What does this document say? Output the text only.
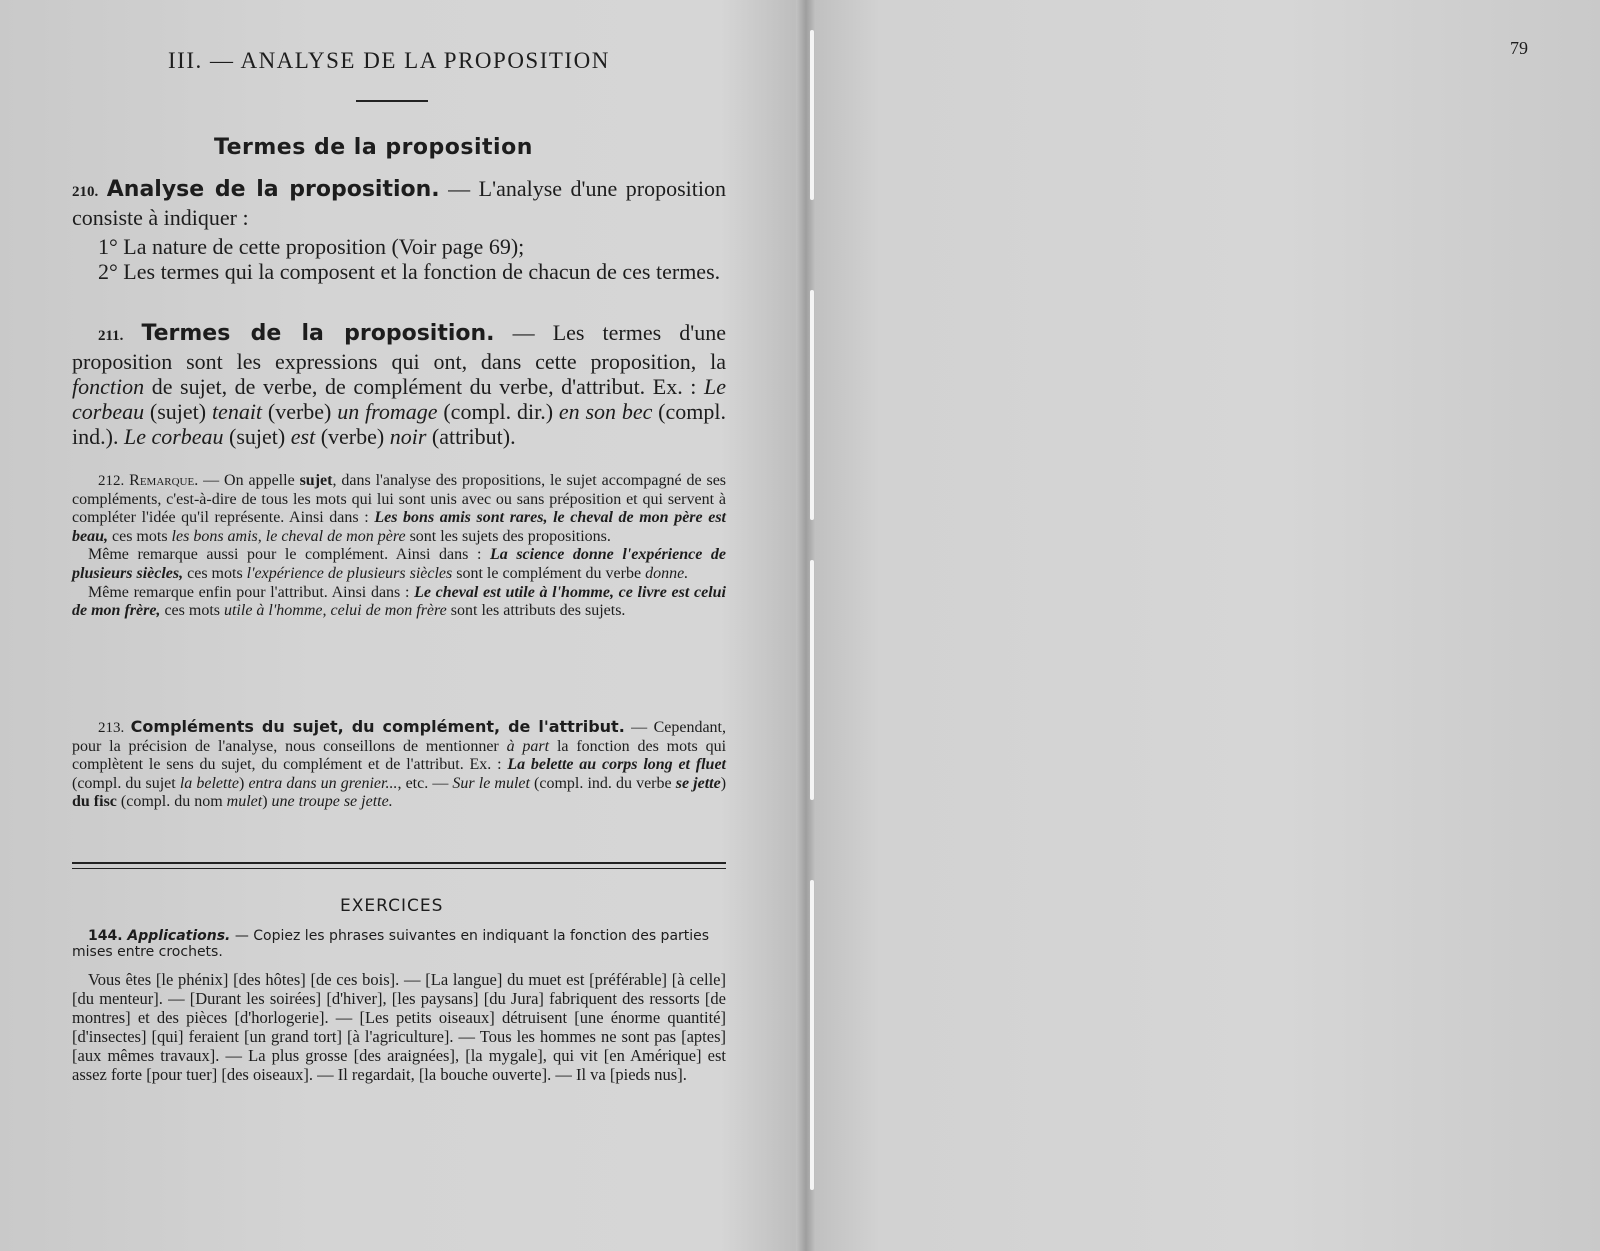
III. — ANALYSE DE LA PROPOSITION
Termes de la proposition
210. Analyse de la proposition. — L'analyse d'une proposition consiste à indiquer :
1° La nature de cette proposition (Voir page 69);
2° Les termes qui la composent et la fonction de chacun de ces termes.
211. Termes de la proposition. — Les termes d'une proposition sont les expressions qui ont, dans cette proposition, la fonction de sujet, de verbe, de complément du verbe, d'attribut. Ex. : Le corbeau (sujet) tenait (verbe) un fromage (compl. dir.) en son bec (compl. ind.). Le corbeau (sujet) est (verbe) noir (attribut).
212. Remarque. — On appelle sujet, dans l'analyse des propositions, le sujet accompagné de ses compléments, c'est-à-dire de tous les mots qui lui sont unis avec ou sans préposition et qui servent à compléter l'idée qu'il représente. Ainsi dans : Les bons amis sont rares, le cheval de mon père est beau, ces mots les bons amis, le cheval de mon père sont les sujets des propositions.
Même remarque aussi pour le complément. Ainsi dans : La science donne l'expérience de plusieurs siècles, ces mots l'expérience de plusieurs siècles sont le complément du verbe donne.
Même remarque enfin pour l'attribut. Ainsi dans : Le cheval est utile à l'homme, ce livre est celui de mon frère, ces mots utile à l'homme, celui de mon frère sont les attributs des sujets.
213. Compléments du sujet, du complément, de l'attribut. — Cependant, pour la précision de l'analyse, nous conseillons de mentionner à part la fonction des mots qui complètent le sens du sujet, du complément et de l'attribut. Ex. : La belette au corps long et fluet (compl. du sujet la belette) entra dans un grenier..., etc. — Sur le mulet (compl. ind. du verbe se jette) du fisc (compl. du nom mulet) une troupe se jette.
EXERCICES
144. Applications. — Copiez les phrases suivantes en indiquant la fonction des parties mises entre crochets.
Vous êtes [le phénix] [des hôtes] [de ces bois]. — [La langue] du muet est [préférable] [à celle] [du menteur]. — [Durant les soirées] [d'hiver], [les paysans] [du Jura] fabriquent des ressorts [de montres] et des pièces [d'horlogerie]. — [Les petits oiseaux] détruisent [une énorme quantité] [d'insectes] [qui] feraient [un grand tort] [à l'agriculture]. — Tous les hommes ne sont pas [aptes] [aux mêmes travaux]. — La plus grosse [des araignées], [la mygale], qui vit [en Amérique] est assez forte [pour tuer] [des oiseaux]. — Il regardait, [la bouche ouverte]. — Il va [pieds nus].
79
